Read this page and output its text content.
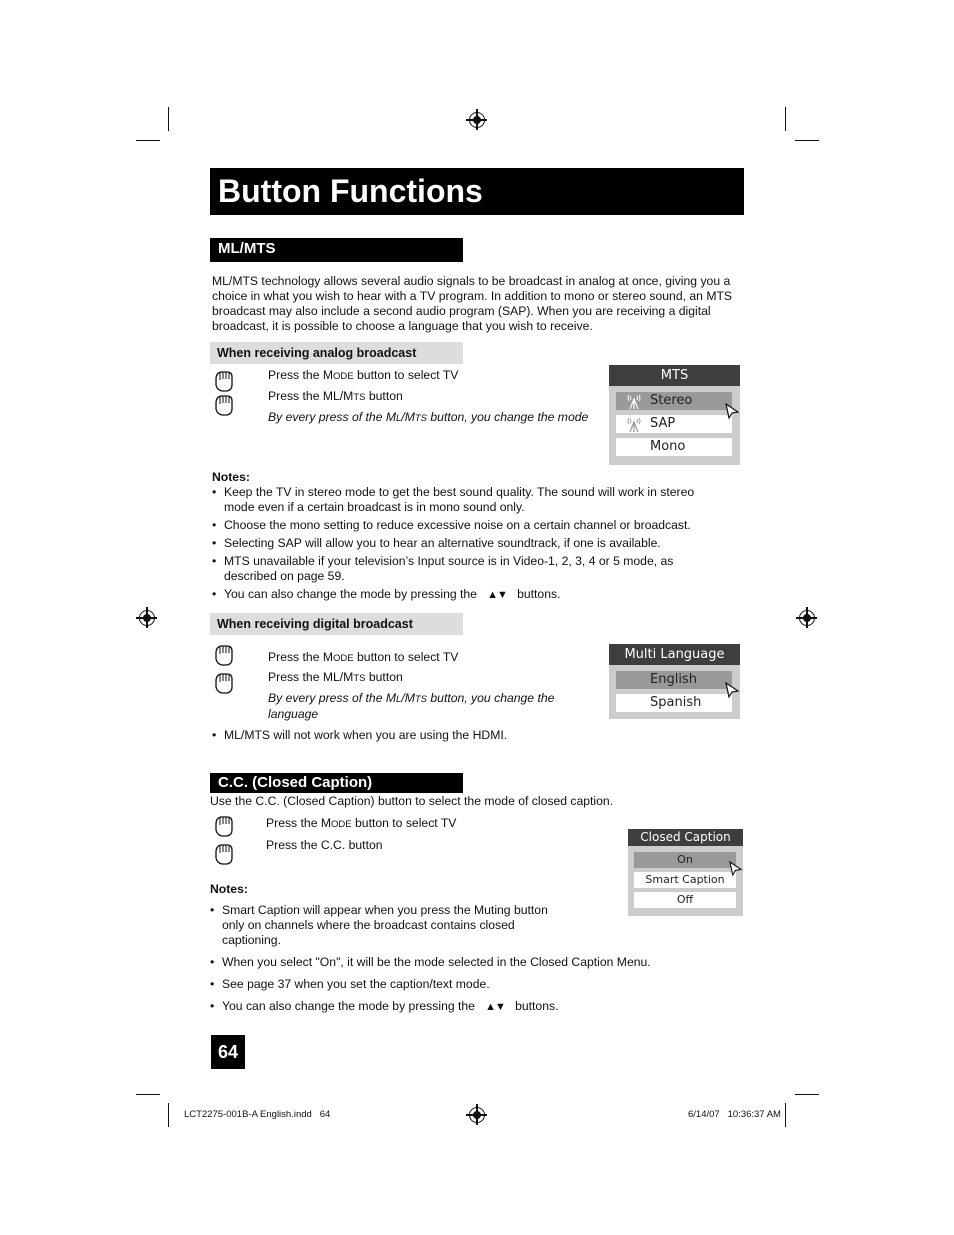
Button Functions
ML/MTS
ML/MTS technology allows several audio signals to be broadcast in analog at once, giving you a choice in what you wish to hear with a TV program. In addition to mono or stereo sound, an MTS broadcast may also include a second audio program (SAP). When you are receiving a digital broadcast, it is possible to choose a language that you wish to receive.
When receiving analog broadcast
Press the MODE button to select TV
Press the ML/MTS button
By every press of the ML/MTS button, you change the mode
MTS
Stereo
SAP
Mono
Notes:
• Keep the TV in stereo mode to get the best sound quality. The sound will work in stereo mode even if a certain broadcast is in mono sound only.
• Choose the mono setting to reduce excessive noise on a certain channel or broadcast.
• Selecting SAP will allow you to hear an alternative soundtrack, if one is available.
• MTS unavailable if your television’s Input source is in Video-1, 2, 3, 4 or 5 mode, as described on page 59.
• You can also change the mode by pressing the ▲▼ buttons.
When receiving digital broadcast
Press the MODE button to select TV
Press the ML/MTS button
By every press of the ML/MTS button, you change the language
Multi Language
English
Spanish
• ML/MTS will not work when you are using the HDMI.
C.C. (Closed Caption)
Use the C.C. (Closed Caption) button to select the mode of closed caption.
Press the MODE button to select TV
Press the C.C. button
Closed Caption
On
Smart Caption
Off
Notes:
• Smart Caption will appear when you press the Muting button only on channels where the broadcast contains closed captioning.
• When you select "On", it will be the mode selected in the Closed Caption Menu.
• See page 37 when you set the caption/text mode.
• You can also change the mode by pressing the ▲▼ buttons.
64
LCT2275-001B-A English.indd   64	6/14/07   10:36:37 AM
